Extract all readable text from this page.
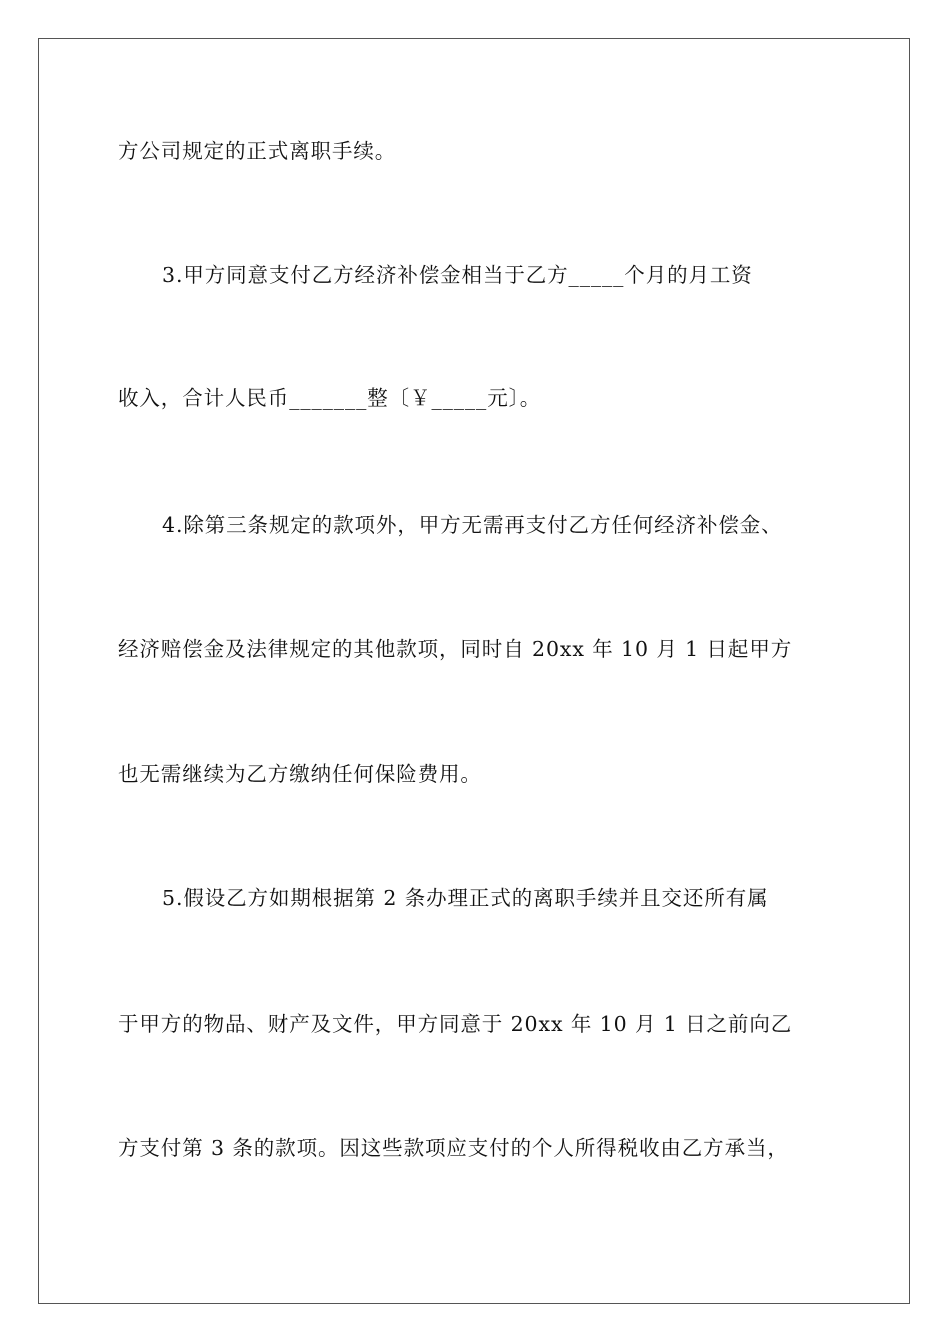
方公司规定的正式离职手续。
3.甲方同意支付乙方经济补偿金相当于乙方_____个月的月工资
收入，合计人民币_______整〔￥_____元〕。
4.除第三条规定的款项外，甲方无需再支付乙方任何经济补偿金、
经济赔偿金及法律规定的其他款项，同时自 20xx 年 10 月 1 日起甲方
也无需继续为乙方缴纳任何保险费用。
5.假设乙方如期根据第 2 条办理正式的离职手续并且交还所有属
于甲方的物品、财产及文件，甲方同意于 20xx 年 10 月 1 日之前向乙
方支付第 3 条的款项。因这些款项应支付的个人所得税收由乙方承当，
